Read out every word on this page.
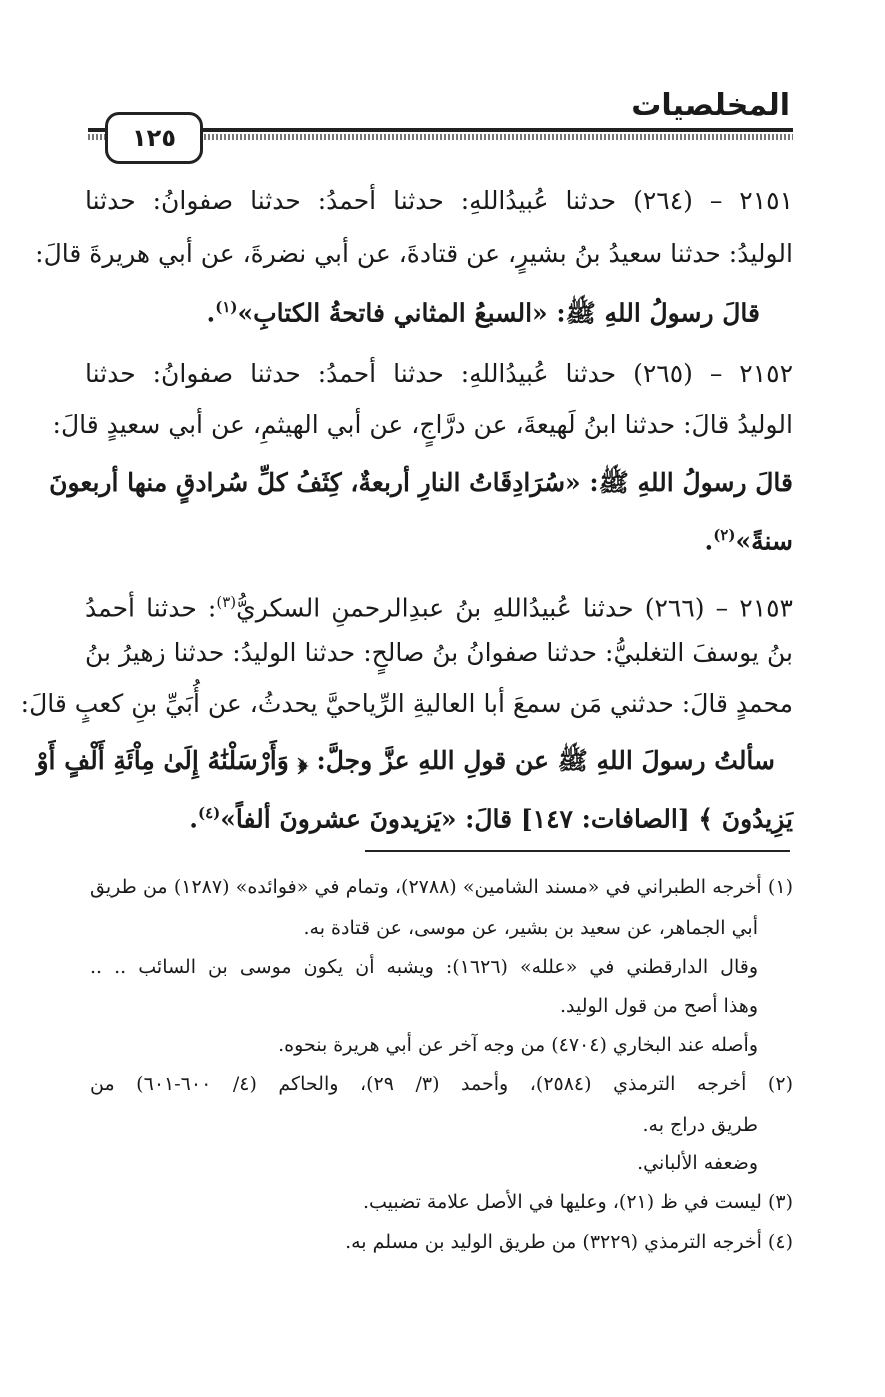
المخلصيات
١٢٥
٢١٥١ – (٢٦٤) حدثنا عُبيدُاللهِ: حدثنا أحمدُ: حدثنا صفوانُ: حدثنا
الوليدُ: حدثنا سعيدُ بنُ بشيرٍ، عن قتادةَ، عن أبي نضرةَ، عن أبي هريرةَ قالَ:
قالَ رسولُ اللهِ ﷺ: «السبعُ المثاني فاتحةُ الكتابِ»$^{(١)}$.
٢١٥٢ – (٢٦٥) حدثنا عُبيدُاللهِ: حدثنا أحمدُ: حدثنا صفوانُ: حدثنا
الوليدُ قالَ: حدثنا ابنُ لَهيعةَ، عن درَّاجٍ، عن أبي الهيثمِ، عن أبي سعيدٍ قالَ:
قالَ رسولُ اللهِ ﷺ: «سُرَادِقَاتُ النارِ أربعةٌ، كِثَفُ كلِّ سُرادقٍ منها أربعونَ
سنةً»$^{(٢)}$.
٢١٥٣ – (٢٦٦) حدثنا عُبيدُاللهِ بنُ عبدِالرحمنِ السكريُّ$^{(٣)}$: حدثنا أحمدُ
بنُ يوسفَ التغلبيُّ: حدثنا صفوانُ بنُ صالحٍ: حدثنا الوليدُ: حدثنا زهيرُ بنُ
محمدٍ قالَ: حدثني مَن سمعَ أبا العاليةِ الرِّياحيَّ يحدثُ، عن أُبَيِّ بنِ كعبٍ قالَ:
سألتُ رسولَ اللهِ ﷺ عن قولِ اللهِ عزَّ وجلَّ: ﴿ وَأَرْسَلْنَٰهُ إِلَىٰ مِاْئَةِ أَلْفٍ أَوْ
يَزِيدُونَ ﴾ [الصافات: ١٤٧] قالَ: «يَزيدونَ عشرونَ ألفاً»$^{(٤)}$.
(١) أخرجه الطبراني في «مسند الشامين» (٢٧٨٨)، وتمام في «فوائده» (١٢٨٧) من طريق
أبي الجماهر، عن سعيد بن بشير، عن موسى، عن قتادة به.
وقال الدارقطني في «علله» (١٦٢٦): ويشبه أن يكون موسى بن السائب .. ..
وهذا أصح من قول الوليد.
وأصله عند البخاري (٤٧٠٤) من وجه آخر عن أبي هريرة بنحوه.
(٢) أخرجه الترمذي (٢٥٨٤)، وأحمد (٣/ ٢٩)، والحاكم (٤/ ٦٠٠-٦٠١) من
طريق دراج به.
وضعفه الألباني.
(٣) ليست في ظ (٢١)، وعليها في الأصل علامة تضبيب.
(٤) أخرجه الترمذي (٣٢٢٩) من طريق الوليد بن مسلم به.
